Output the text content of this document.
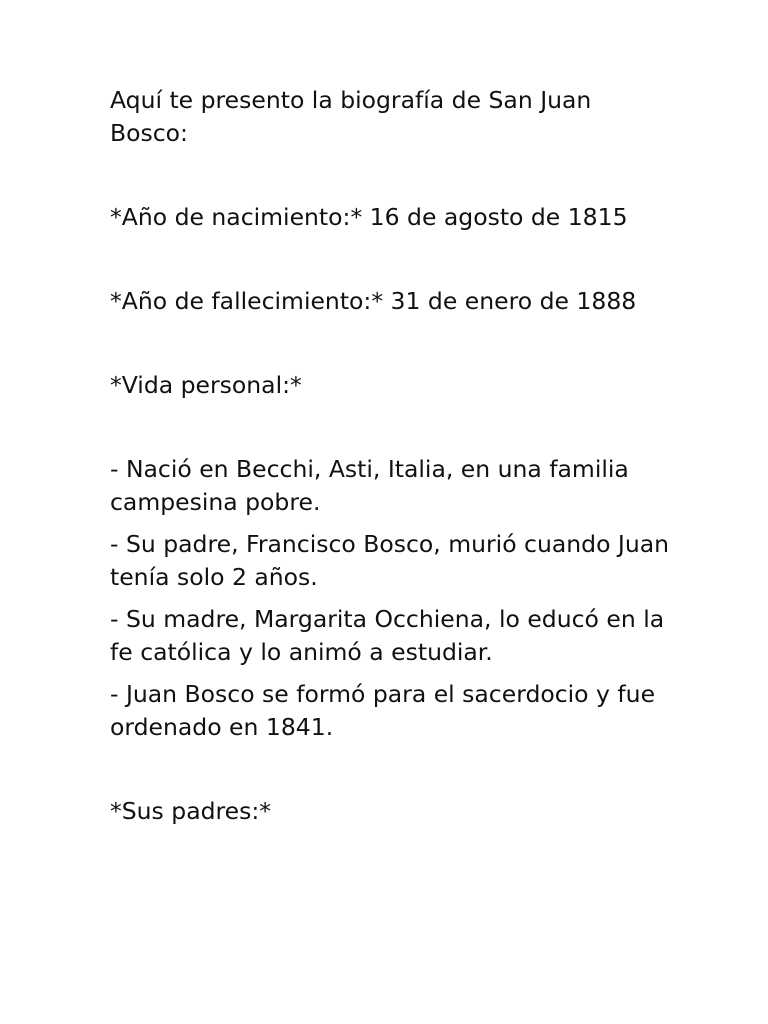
Aquí te presento la biografía de San Juan Bosco:

*Año de nacimiento:* 16 de agosto de 1815

*Año de fallecimiento:* 31 de enero de 1888

*Vida personal:*

- Nació en Becchi, Asti, Italia, en una familia campesina pobre.

- Su padre, Francisco Bosco, murió cuando Juan tenía solo 2 años.

- Su madre, Margarita Occhiena, lo educó en la fe católica y lo animó a estudiar.

- Juan Bosco se formó para el sacerdocio y fue ordenado en 1841.

*Sus padres:*
